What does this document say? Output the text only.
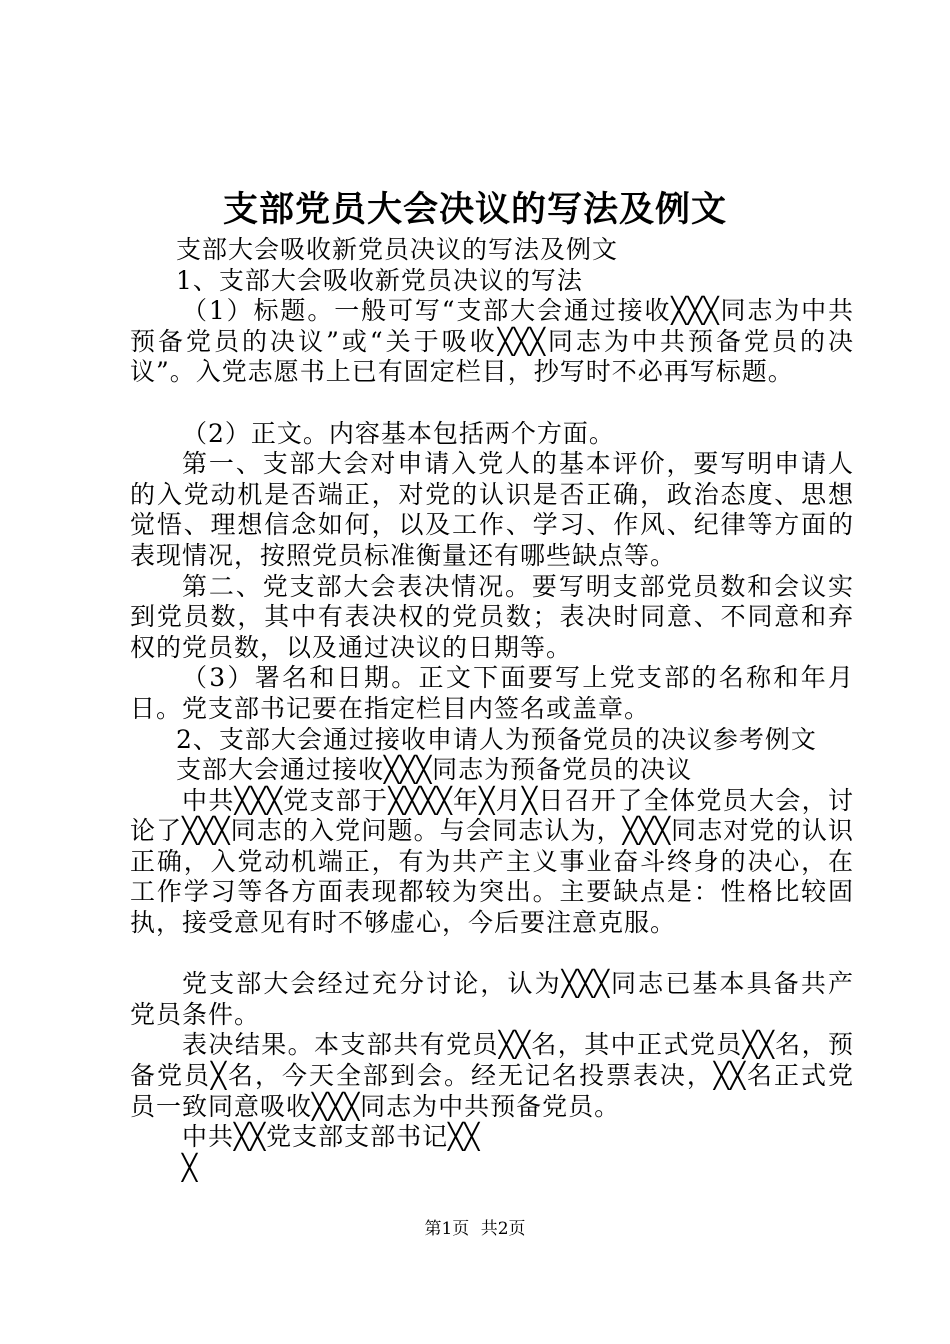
支部党员大会决议的写法及例文

支部大会吸收新党员决议的写法及例文

1、支部大会吸收新党员决议的写法

（1）标题。一般可写“支部大会通过接收╳╳╳同志为中共预备党员的决议”或“关于吸收╳╳╳同志为中共预备党员的决议”。入党志愿书上已有固定栏目，抄写时不必再写标题。

（2）正文。内容基本包括两个方面。

第一、支部大会对申请入党人的基本评价，要写明申请人的入党动机是否端正，对党的认识是否正确，政治态度、思想觉悟、理想信念如何，以及工作、学习、作风、纪律等方面的表现情况，按照党员标准衡量还有哪些缺点等。

第二、党支部大会表决情况。要写明支部党员数和会议实到党员数，其中有表决权的党员数；表决时同意、不同意和弃权的党员数，以及通过决议的日期等。

（3）署名和日期。正文下面要写上党支部的名称和年月日。党支部书记要在指定栏目内签名或盖章。

2、支部大会通过接收申请人为预备党员的决议参考例文

支部大会通过接收╳╳╳同志为预备党员的决议

中共╳╳╳党支部于╳╳╳╳年╳月╳日召开了全体党员大会，讨论了╳╳╳同志的入党问题。与会同志认为，╳╳╳同志对党的认识正确，入党动机端正，有为共产主义事业奋斗终身的决心，在工作学习等各方面表现都较为突出。主要缺点是：性格比较固执，接受意见有时不够虚心，今后要注意克服。

党支部大会经过充分讨论，认为╳╳╳同志已基本具备共产党员条件。

表决结果。本支部共有党员╳╳名，其中正式党员╳╳名，预备党员╳名，今天全部到会。经无记名投票表决，╳╳名正式党员一致同意吸收╳╳╳同志为中共预备党员。

中共╳╳党支部支部书记╳╳

╳

第1页 共2页
